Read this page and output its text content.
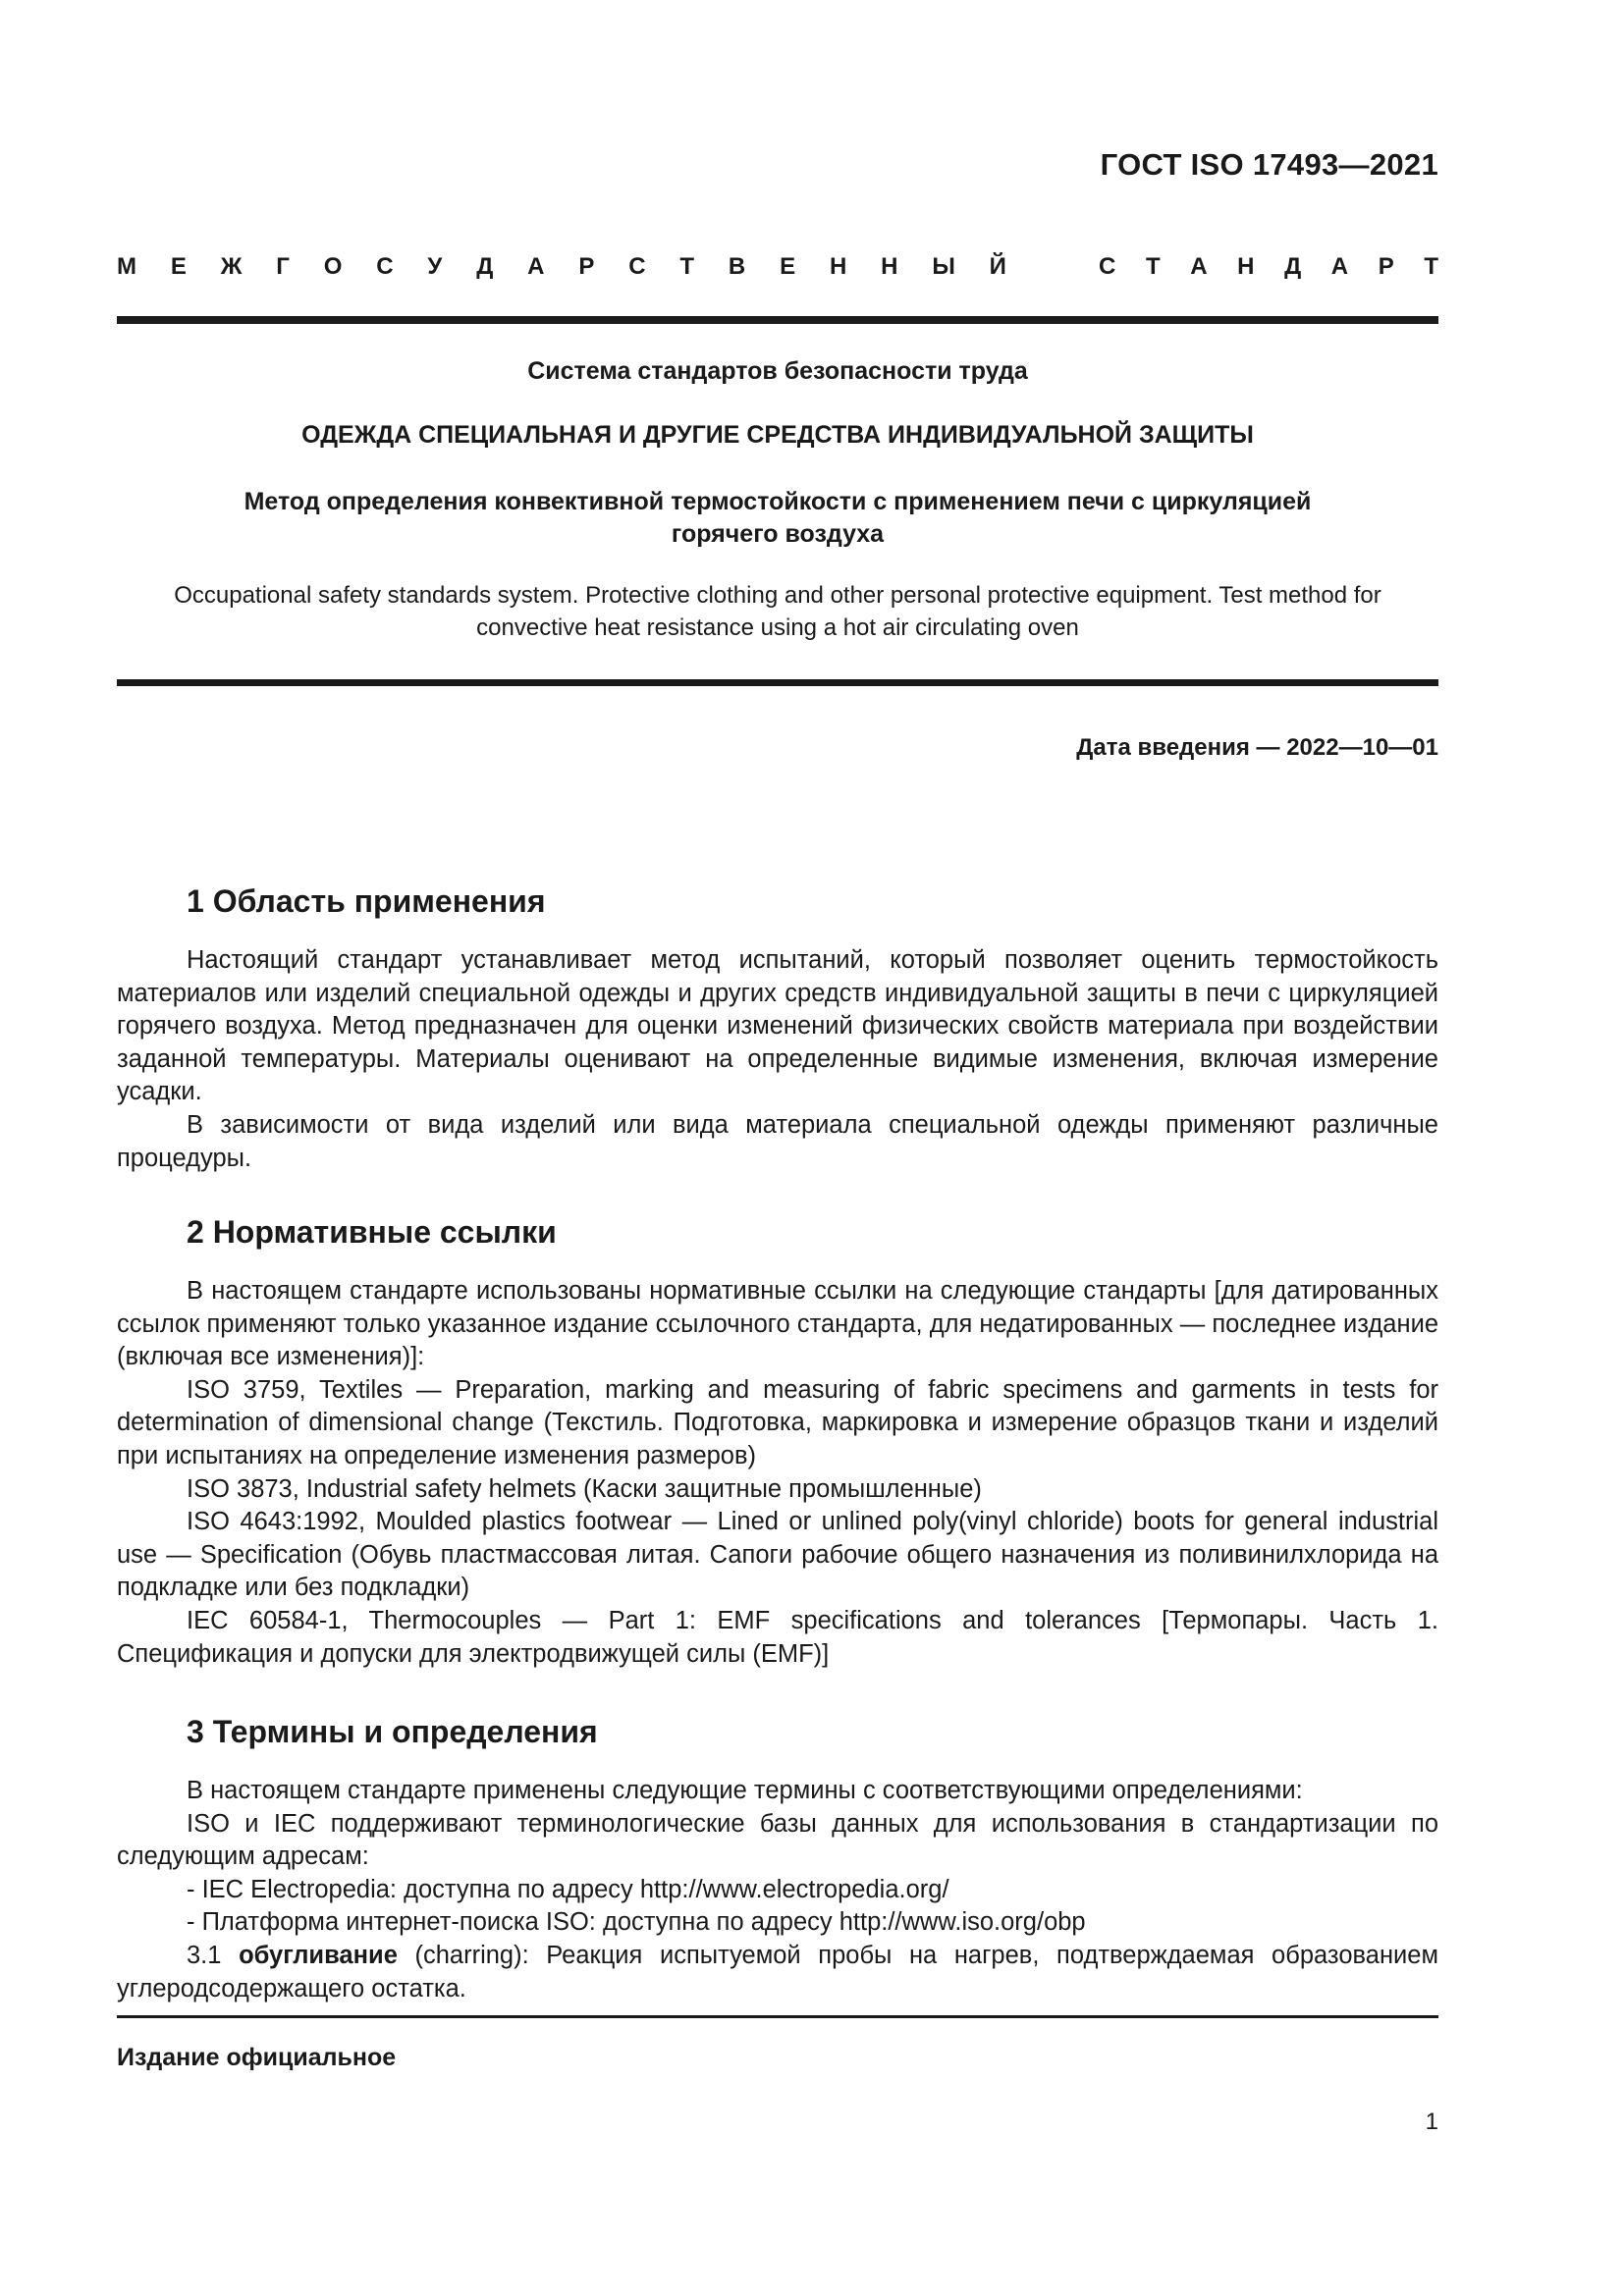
ГОСТ ISO 17493—2021
М Е Ж Г О С У Д А Р С Т В Е Н Н Ы Й	С Т А Н Д А Р Т
Система стандартов безопасности труда
ОДЕЖДА СПЕЦИАЛЬНАЯ И ДРУГИЕ СРЕДСТВА ИНДИВИДУАЛЬНОЙ ЗАЩИТЫ
Метод определения конвективной термостойкости с применением печи с циркуляцией
горячего воздуха
Occupational safety standards system. Protective clothing and other personal protective equipment. Test method for
convective heat resistance using a hot air circulating oven
Дата введения — 2022—10—01
1 Область применения

Настоящий стандарт устанавливает метод испытаний, который позволяет оценить термостойкость материалов или изделий специальной одежды и других средств индивидуальной защиты в печи с циркуляцией горячего воздуха. Метод предназначен для оценки изменений физических свойств материала при воздействии заданной температуры. Материалы оценивают на определенные видимые изменения, включая измерение усадки.

В зависимости от вида изделий или вида материала специальной одежды применяют различные процедуры.

2 Нормативные ссылки

В настоящем стандарте использованы нормативные ссылки на следующие стандарты [для датированных ссылок применяют только указанное издание ссылочного стандарта, для недатированных — последнее издание (включая все изменения)]:

ISO 3759, Textiles — Preparation, marking and measuring of fabric specimens and garments in tests for determination of dimensional change (Текстиль. Подготовка, маркировка и измерение образцов ткани и изделий при испытаниях на определение изменения размеров)

ISO 3873, Industrial safety helmets (Каски защитные промышленные)

ISO 4643:1992, Moulded plastics footwear — Lined or unlined poly(vinyl chloride) boots for general industrial use — Specification (Обувь пластмассовая литая. Сапоги рабочие общего назначения из поливинилхлорида на подкладке или без подкладки)

IEC 60584-1, Thermocouples — Part 1: EMF specifications and tolerances [Термопары. Часть 1. Спецификация и допуски для электродвижущей силы (EMF)]

3 Термины и определения

В настоящем стандарте применены следующие термины с соответствующими определениями:

ISO и IEC поддерживают терминологические базы данных для использования в стандартизации по следующим адресам:

- IEC Electropedia: доступна по адресу http://www.electropedia.org/

- Платформа интернет-поиска ISO: доступна по адресу http://www.iso.org/obp

3.1 обугливание (charring): Реакция испытуемой пробы на нагрев, подтверждаемая образованием углеродсодержащего остатка.

Издание официальное
1
